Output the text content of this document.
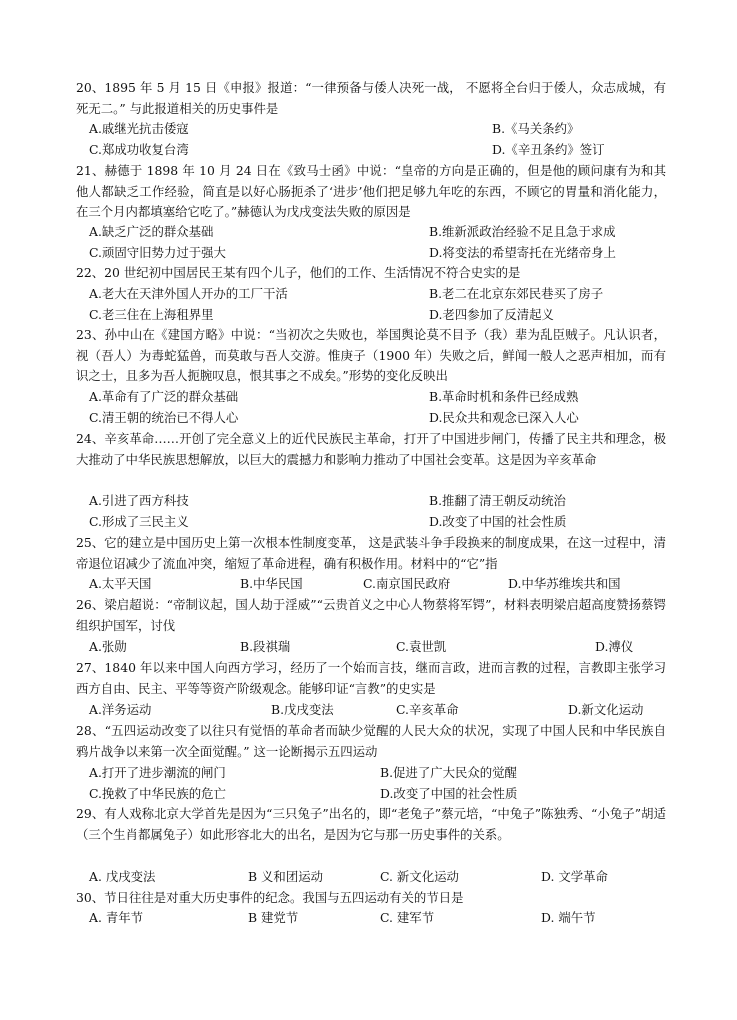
20、1895 年 5 月 15 日《申报》报道：“一律预备与倭人决死一战， 不愿将全台归于倭人，众志成城，有死无二。” 与此报道相关的历史事件是
A.戚继光抗击倭寇	B.《马关条约》
C.郑成功收复台湾	D.《辛丑条约》签订
21、赫德于 1898 年 10 月 24 日在《致马士函》中说：“皇帝的方向是正确的，但是他的顾问康有为和其他人都缺乏工作经验，简直是以好心肠扼杀了‘进步’他们把足够九年吃的东西，不顾它的胃量和消化能力，在三个月内都填塞给它吃了。”赫德认为戊戌变法失败的原因是
A.缺乏广泛的群众基础	B.维新派政治经验不足且急于求成
C.顽固守旧势力过于强大	D.将变法的希望寄托在光绪帝身上
22、20 世纪初中国居民王某有四个儿子，他们的工作、生活情况不符合史实的是
A.老大在天津外国人开办的工厂干活	B.老二在北京东郊民巷买了房子
C.老三住在上海租界里	D.老四参加了反清起义
23、孙中山在《建国方略》中说：“当初次之失败也，举国舆论莫不目予（我）辈为乱臣贼子。凡认识者，视（吾人）为毒蛇猛兽，而莫敢与吾人交游。惟庚子（1900 年）失败之后，鲜闻一般人之恶声相加，而有识之士，且多为吾人扼腕叹息，恨其事之不成矣。”形势的变化反映出
A.革命有了广泛的群众基础	B.革命时机和条件已经成熟
C.清王朝的统治已不得人心	D.民众共和观念已深入人心
24、辛亥革命……开创了完全意义上的近代民族民主革命，打开了中国进步闸门，传播了民主共和理念，极大推动了中华民族思想解放，以巨大的震撼力和影响力推动了中国社会变革。这是因为辛亥革命
A.引进了西方科技	B.推翻了清王朝反动统治
C.形成了三民主义	D.改变了中国的社会性质
25、它的建立是中国历史上第一次根本性制度变革， 这是武装斗争手段换来的制度成果，在这一过程中，清帝退位诏减少了流血冲突，缩短了革命进程，确有积极作用。材料中的“它”指
A.太平天国	B.中华民国	C.南京国民政府	D.中华苏维埃共和国
26、梁启超说：“帝制议起，国人劫于淫威”“云贵首义之中心人物蔡将军锷”，材料表明梁启超高度赞扬蔡锷组织护国军，讨伐
A.张勋	B.段祺瑞	C.袁世凯	D.溥仪
27、1840 年以来中国人向西方学习，经历了一个始而言技，继而言政，进而言教的过程，言教即主张学习西方自由、民主、平等等资产阶级观念。能够印证“言教”的史实是
A.洋务运动	B.戊戌变法	C.辛亥革命	D.新文化运动
28、“五四运动改变了以往只有觉悟的革命者而缺少觉醒的人民大众的状况，实现了中国人民和中华民族自鸦片战争以来第一次全面觉醒。” 这一论断揭示五四运动
A.打开了进步潮流的闸门	B.促进了广大民众的觉醒
C.挽救了中华民族的危亡	D.改变了中国的社会性质
29、有人戏称北京大学首先是因为“三只兔子”出名的，即“老兔子”蔡元培，“中兔子”陈独秀、“小兔子”胡适（三个生肖都属兔子）如此形容北大的出名，是因为它与那一历史事件的关系。
A. 戊戌变法	B 义和团运动	C. 新文化运动	D. 文学革命
30、节日往往是对重大历史事件的纪念。我国与五四运动有关的节日是
A. 青年节	B 建党节	C. 建军节	D. 端午节
